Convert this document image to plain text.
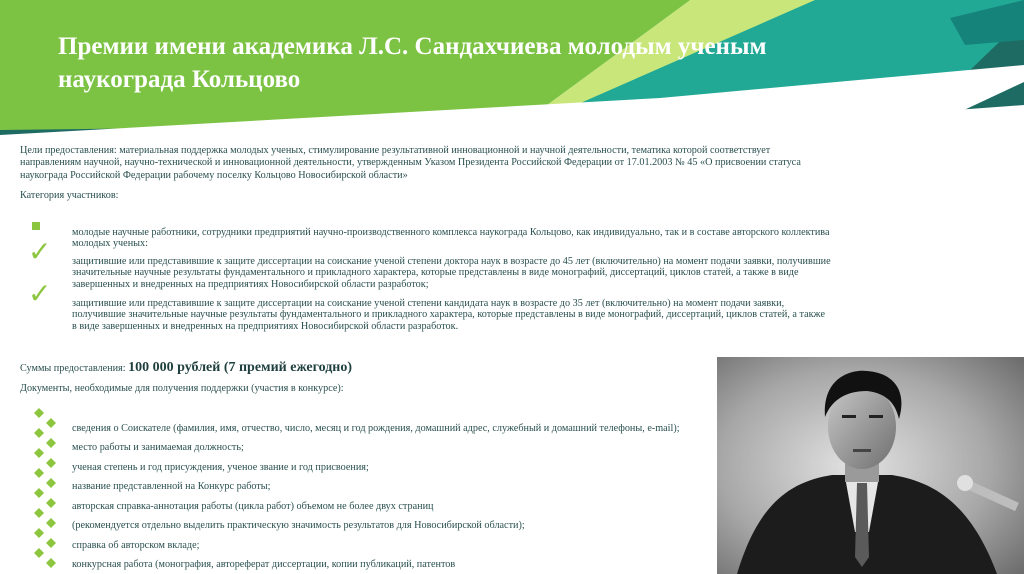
Премии имени академика Л.С. Сандахчиева молодым ученым наукограда Кольцово
Цели предоставления: материальная поддержка молодых ученых, стимулирование результативной инновационной и научной деятельности, тематика которой соответствует направлениям научной, научно-технической и инновационной деятельности, утвержденным Указом Президента Российской Федерации от 17.01.2003 № 45 «О присвоении статуса наукограда Российской Федерации рабочему поселку Кольцово Новосибирской области»
Категория участников:
молодые научные работники, сотрудники предприятий научно-производственного комплекса наукограда Кольцово, как индивидуально, так и в составе авторского коллектива молодых ученых:
✓ защитившие или представившие к защите диссертации на соискание ученой степени доктора наук в возрасте до 45 лет (включительно) на момент подачи заявки, получившие значительные научные результаты фундаментального и прикладного характера, которые представлены в виде монографий, диссертаций, циклов статей, а также в виде завершенных и внедренных на предприятиях Новосибирской области разработок;
✓ защитившие или представившие к защите диссертации на соискание ученой степени кандидата наук в возрасте до 35 лет (включительно) на момент подачи заявки, получившие значительные научные результаты фундаментального и прикладного характера, которые представлены в виде монографий, диссертаций, циклов статей, а также в виде завершенных и внедренных на предприятиях Новосибирской области разработок.
Суммы предоставления: 100 000 рублей (7 премий ежегодно)
Документы, необходимые для получения поддержки (участия в конкурсе):
сведения о Соискателе (фамилия, имя, отчество, число, месяц и год рождения, домашний адрес, служебный и домашний телефоны, e-mail);
место работы и занимаемая должность;
ученая степень и год присуждения, ученое звание и год присвоения;
название представленной на Конкурс работы;
авторская справка-аннотация работы (цикла работ) объемом не более двух страниц
(рекомендуется отдельно выделить практическую значимость результатов для Новосибирской области);
справка об авторском вкладе;
конкурсная работа (монография, автореферат диссертации, копии публикаций, патентов
